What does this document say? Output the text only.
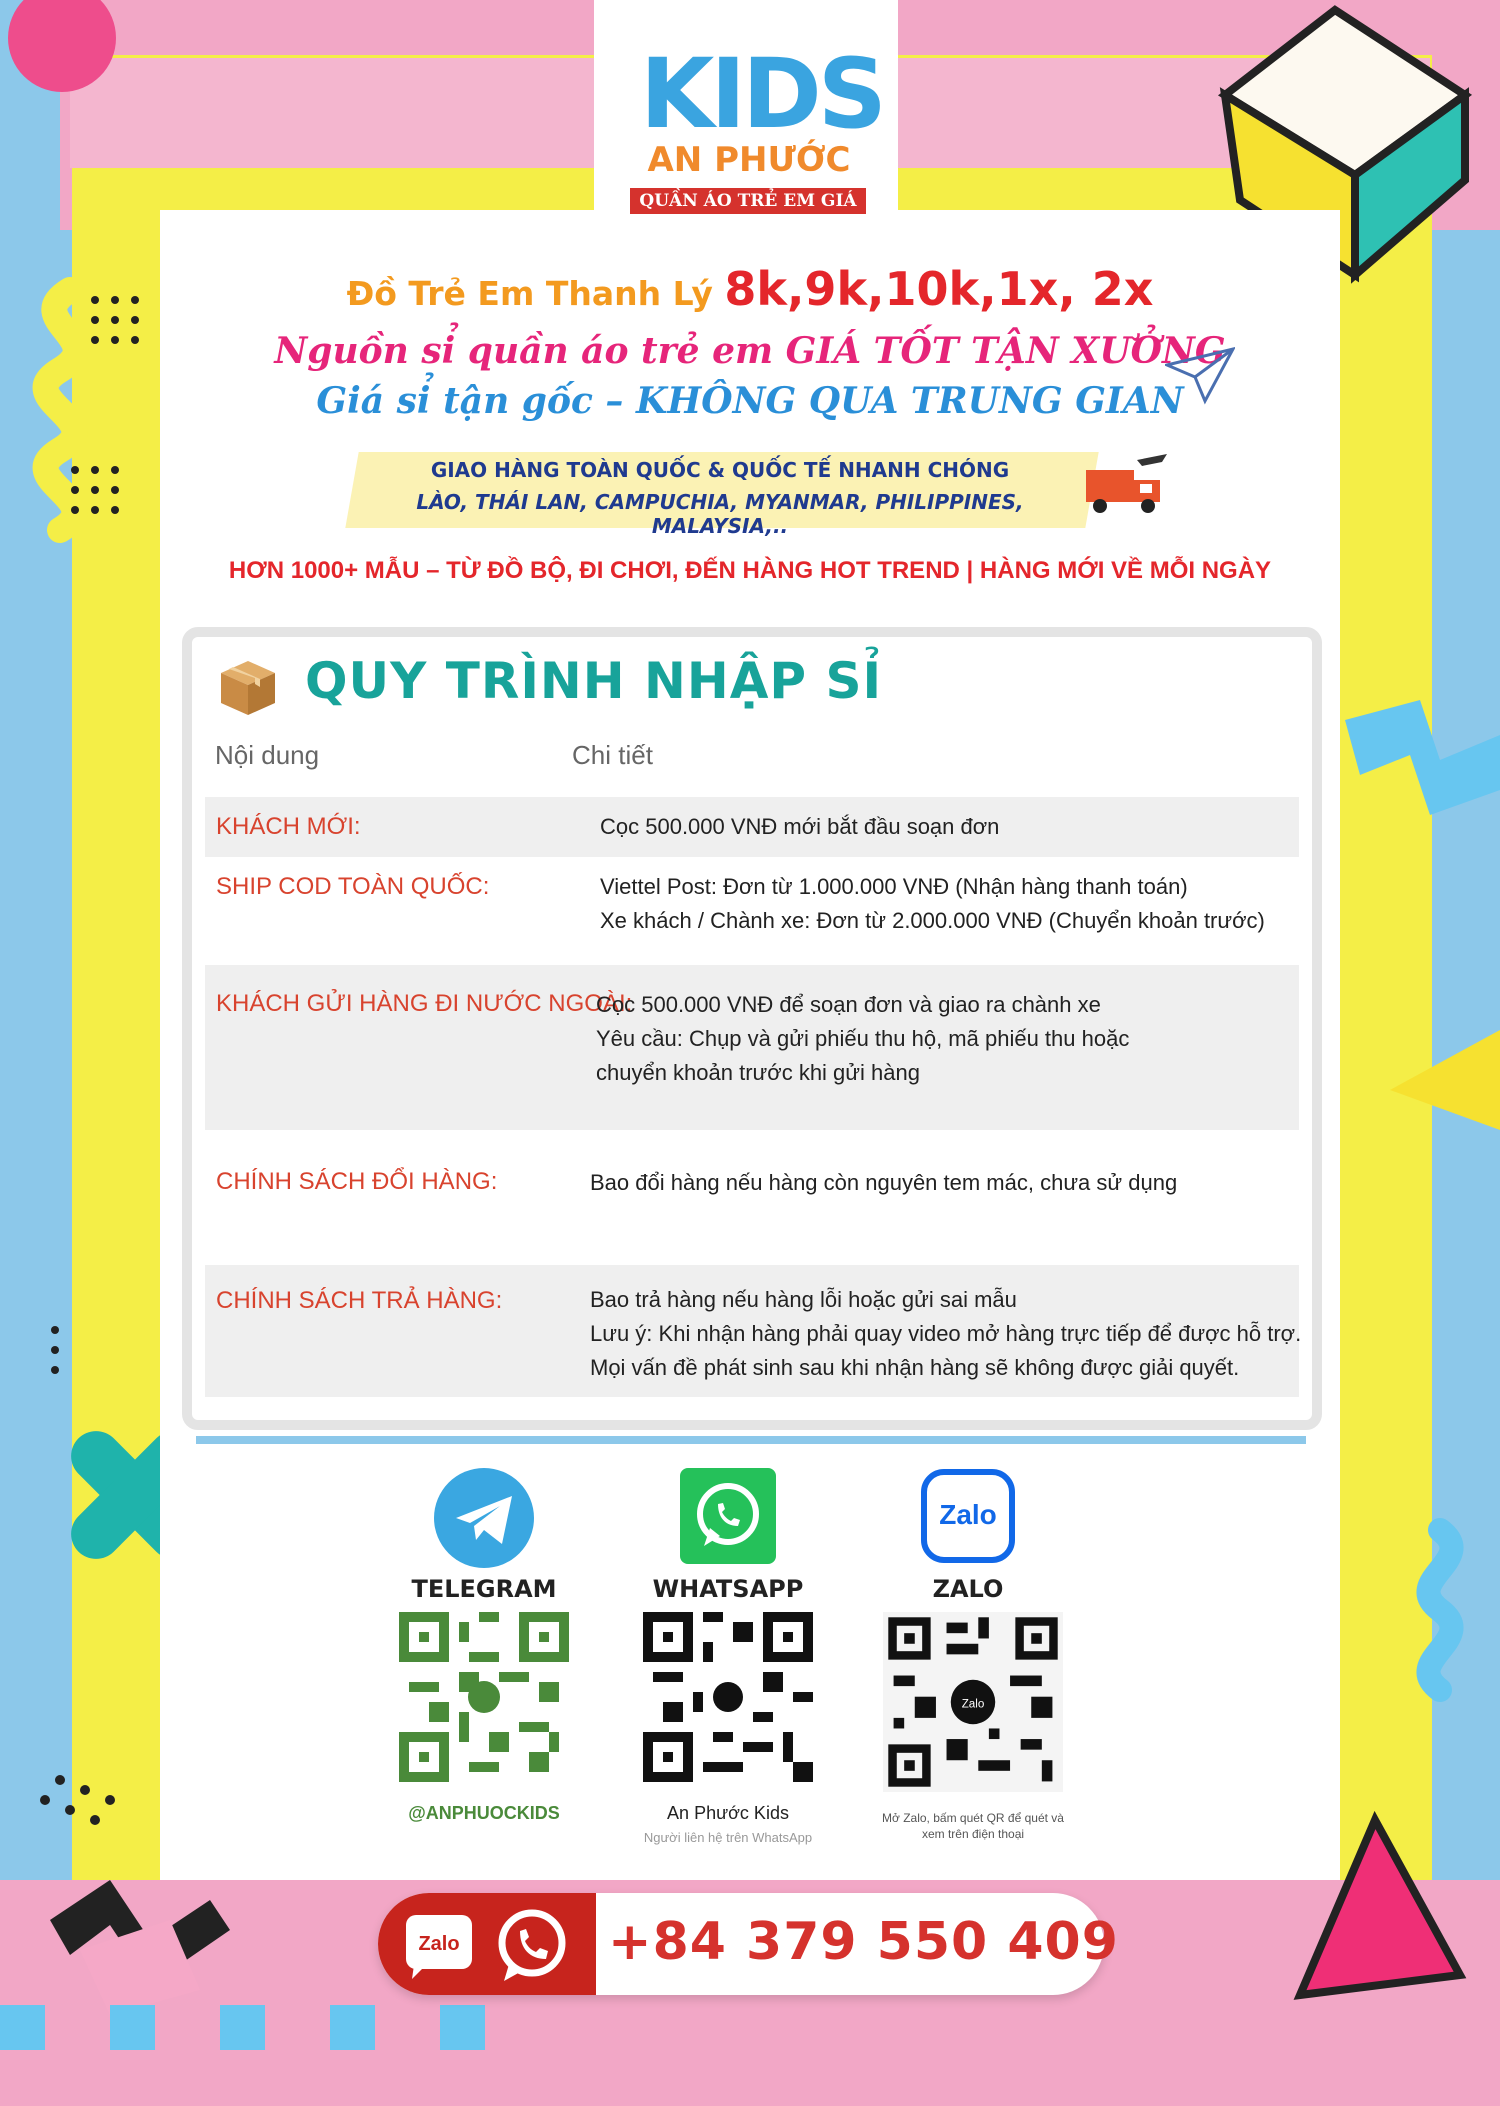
KIDS
AN PHƯỚC
QUẦN ÁO TRẺ EM GIÁ SỈ
Đồ Trẻ Em Thanh Lý 8k,9k,10k,1x, 2x
Nguồn sỉ quần áo trẻ em GIÁ TỐT TẬN XƯỞNG
Giá sỉ tận gốc – KHÔNG QUA TRUNG GIAN
GIAO HÀNG TOÀN QUỐC & QUỐC TẾ NHANH CHÓNG
LÀO, THÁI LAN, CAMPUCHIA, MYANMAR, PHILIPPINES, MALAYSIA,..
HƠN 1000+ MẪU – TỪ ĐỒ BỘ, ĐI CHƠI, ĐẾN HÀNG HOT TREND | HÀNG MỚI VỀ MỖI NGÀY
QUY TRÌNH NHẬP SỈ
Nội dung	Chi tiết
KHÁCH MỚI:	Cọc 500.000 VNĐ mới bắt đầu soạn đơn
SHIP COD TOÀN QUỐC:	Viettel Post: Đơn từ 1.000.000 VNĐ (Nhận hàng thanh toán)
Xe khách / Chành xe: Đơn từ 2.000.000 VNĐ (Chuyển khoản trước)
KHÁCH GỬI HÀNG ĐI NƯỚC NGOÀI:
Cọc 500.000 VNĐ để soạn đơn và giao ra chành xe
Yêu cầu: Chụp và gửi phiếu thu hộ, mã phiếu thu hoặc
chuyển khoản trước khi gửi hàng
CHÍNH SÁCH ĐỔI HÀNG:	Bao đổi hàng nếu hàng còn nguyên tem mác, chưa sử dụng
CHÍNH SÁCH TRẢ HÀNG:	Bao trả hàng nếu hàng lỗi hoặc gửi sai mẫu
Lưu ý: Khi nhận hàng phải quay video mở hàng trực tiếp để được hỗ trợ.
Mọi vấn đề phát sinh sau khi nhận hàng sẽ không được giải quyết.
TELEGRAM
@ANPHUOCKIDS
WHATSAPP
An Phước Kids
Người liên hệ trên WhatsApp
Zalo
ZALO
Zalo
Mở Zalo, bấm quét QR để quét và
xem trên điện thoại
Zalo	+84 379 550 409
